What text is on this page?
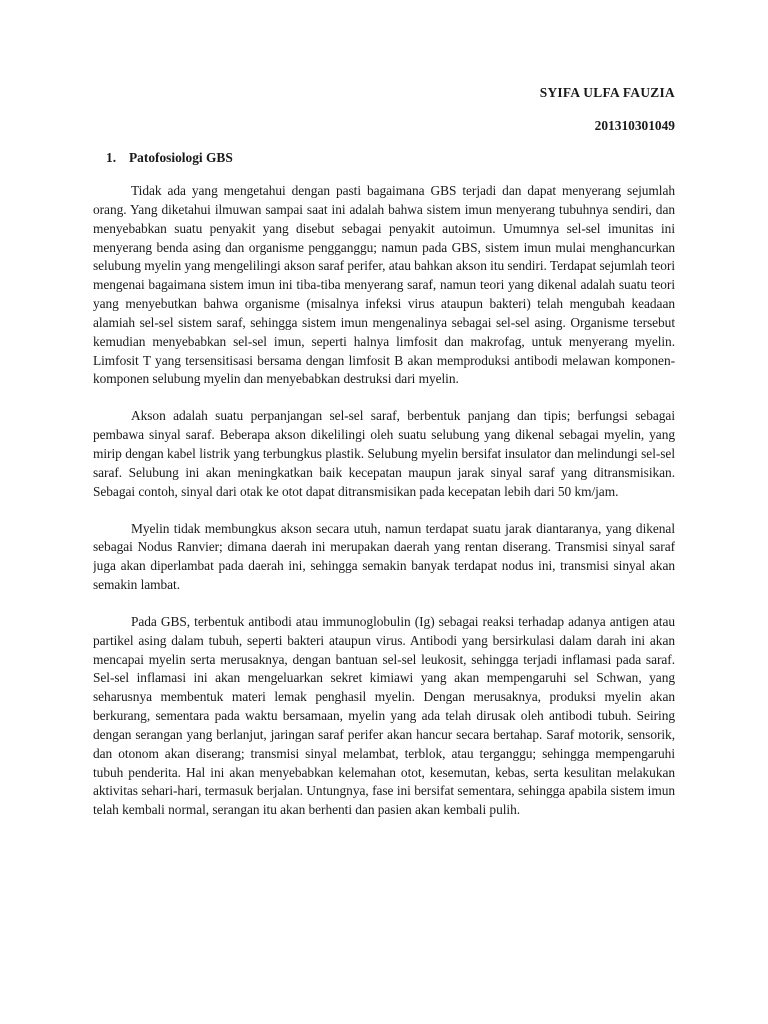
SYIFA ULFA FAUZIA

201310301049

1. Patofosiologi GBS

Tidak ada yang mengetahui dengan pasti bagaimana GBS terjadi dan dapat menyerang sejumlah orang. Yang diketahui ilmuwan sampai saat ini adalah bahwa sistem imun menyerang tubuhnya sendiri, dan menyebabkan suatu penyakit yang disebut sebagai penyakit autoimun. Umumnya sel-sel imunitas ini menyerang benda asing dan organisme pengganggu; namun pada GBS, sistem imun mulai menghancurkan selubung myelin yang mengelilingi akson saraf perifer, atau bahkan akson itu sendiri. Terdapat sejumlah teori mengenai bagaimana sistem imun ini tiba-tiba menyerang saraf, namun teori yang dikenal adalah suatu teori yang menyebutkan bahwa organisme (misalnya infeksi virus ataupun bakteri) telah mengubah keadaan alamiah sel-sel sistem saraf, sehingga sistem imun mengenalinya sebagai sel-sel asing. Organisme tersebut kemudian menyebabkan sel-sel imun, seperti halnya limfosit dan makrofag, untuk menyerang myelin. Limfosit T yang tersensitisasi bersama dengan limfosit B akan memproduksi antibodi melawan komponen-komponen selubung myelin dan menyebabkan destruksi dari myelin.

Akson adalah suatu perpanjangan sel-sel saraf, berbentuk panjang dan tipis; berfungsi sebagai pembawa sinyal saraf. Beberapa akson dikelilingi oleh suatu selubung yang dikenal sebagai myelin, yang mirip dengan kabel listrik yang terbungkus plastik. Selubung myelin bersifat insulator dan melindungi sel-sel saraf. Selubung ini akan meningkatkan baik kecepatan maupun jarak sinyal saraf yang ditransmisikan. Sebagai contoh, sinyal dari otak ke otot dapat ditransmisikan pada kecepatan lebih dari 50 km/jam.

Myelin tidak membungkus akson secara utuh, namun terdapat suatu jarak diantaranya, yang dikenal sebagai Nodus Ranvier; dimana daerah ini merupakan daerah yang rentan diserang. Transmisi sinyal saraf juga akan diperlambat pada daerah ini, sehingga semakin banyak terdapat nodus ini, transmisi sinyal akan semakin lambat.

Pada GBS, terbentuk antibodi atau immunoglobulin (Ig) sebagai reaksi terhadap adanya antigen atau partikel asing dalam tubuh, seperti bakteri ataupun virus. Antibodi yang bersirkulasi dalam darah ini akan mencapai myelin serta merusaknya, dengan bantuan sel-sel leukosit, sehingga terjadi inflamasi pada saraf. Sel-sel inflamasi ini akan mengeluarkan sekret kimiawi yang akan mempengaruhi sel Schwan, yang seharusnya membentuk materi lemak penghasil myelin. Dengan merusaknya, produksi myelin akan berkurang, sementara pada waktu bersamaan, myelin yang ada telah dirusak oleh antibodi tubuh. Seiring dengan serangan yang berlanjut, jaringan saraf perifer akan hancur secara bertahap. Saraf motorik, sensorik, dan otonom akan diserang; transmisi sinyal melambat, terblok, atau terganggu; sehingga mempengaruhi tubuh penderita. Hal ini akan menyebabkan kelemahan otot, kesemutan, kebas, serta kesulitan melakukan aktivitas sehari-hari, termasuk berjalan. Untungnya, fase ini bersifat sementara, sehingga apabila sistem imun telah kembali normal, serangan itu akan berhenti dan pasien akan kembali pulih.
